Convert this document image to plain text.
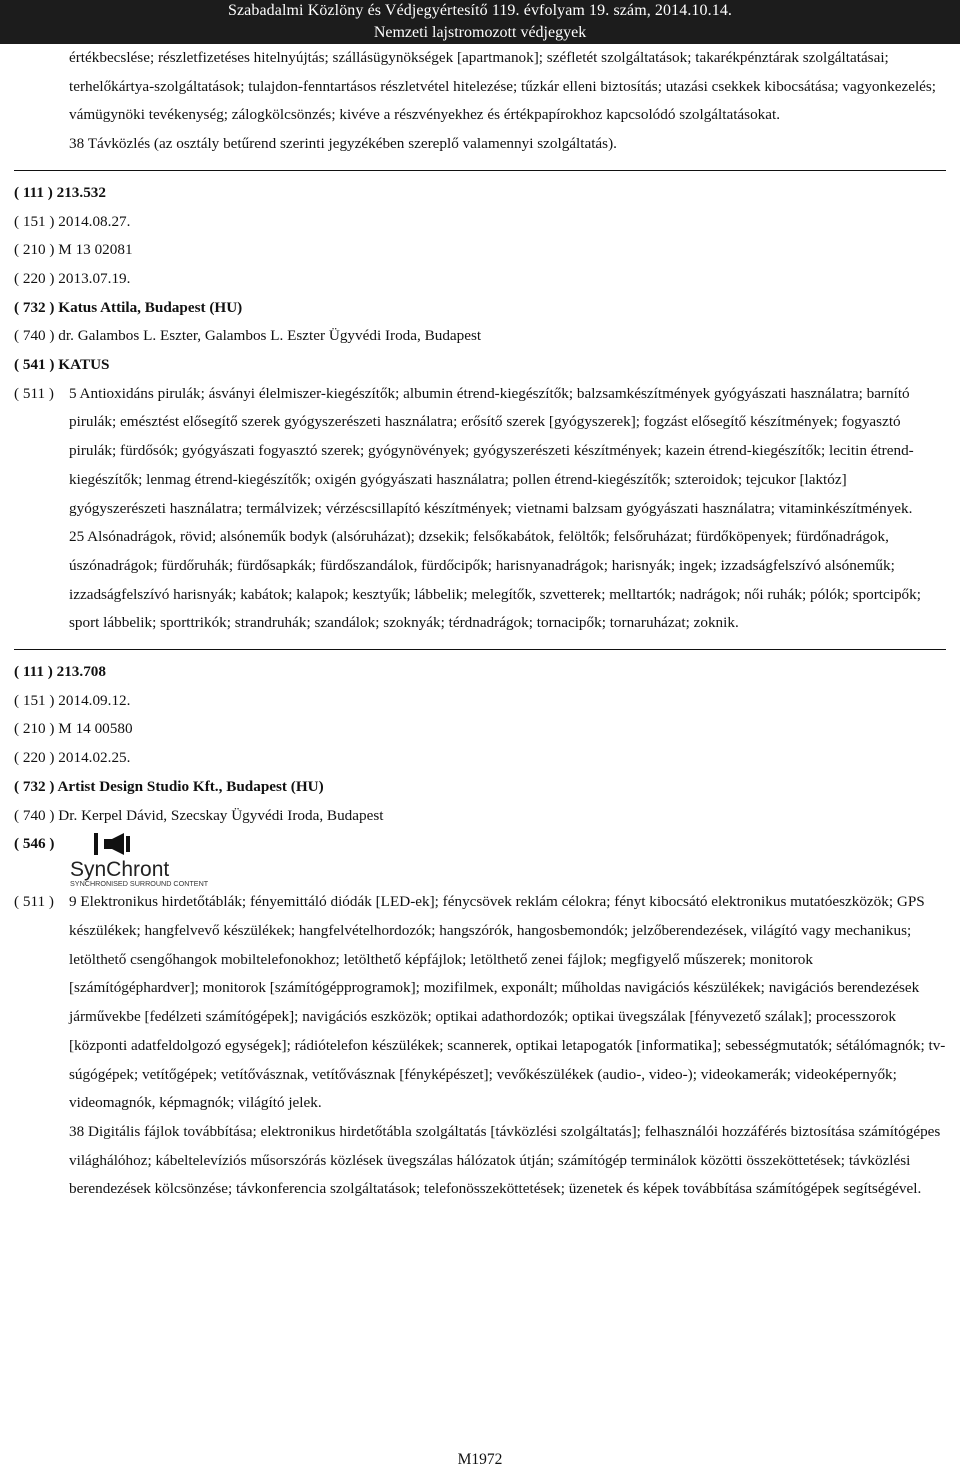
Szabadalmi Közlöny és Védjegyértesítő 119. évfolyam 19. szám, 2014.10.14.
Nemzeti lajstromozott védjegyek

értékbecslése; részletfizetéses hitelnyújtás; szállásügynökségek [apartmanok]; széfletét szolgáltatások; takarékpénztárak szolgáltatásai; terhelőkártya-szolgáltatások; tulajdon-fenntartásos részletvétel hitelezése; tűzkár elleni biztosítás; utazási csekkek kibocsátása; vagyonkezelés; vámügynöki tevékenység; zálogkölcsönzés; kivéve a részvényekhez és értékpapírokhoz kapcsolódó szolgáltatásokat.

38 Távközlés (az osztály betűrend szerinti jegyzékében szereplő valamennyi szolgáltatás).

( 111 ) 213.532
( 151 ) 2014.08.27.
( 210 ) M 13 02081
( 220 ) 2013.07.19.
( 732 ) Katus Attila, Budapest (HU)
( 740 ) dr. Galambos L. Eszter, Galambos L. Eszter Ügyvédi Iroda, Budapest
( 541 ) KATUS
( 511 ) 5 Antioxidáns pirulák; ásványi élelmiszer-kiegészítők; albumin étrend-kiegészítők; balzsamkészítmények gyógyászati használatra; barnító pirulák; emésztést elősegítő szerek gyógyszerészeti használatra; erősítő szerek [gyógyszerek]; fogzást elősegítő készítmények; fogyasztó pirulák; fürdősók; gyógyászati fogyasztó szerek; gyógynövények; gyógyszerészeti készítmények; kazein étrend-kiegészítők; lecitin étrend-kiegészítők; lenmag étrend-kiegészítők; oxigén gyógyászati használatra; pollen étrend-kiegészítők; szteroidok; tejcukor [laktóz] gyógyszerészeti használatra; termálvizek; vérzéscsillapító készítmények; vietnami balzsam gyógyászati használatra; vitaminkészítmények.

25 Alsónadrágok, rövid; alsóneműk bodyk (alsóruházat); dzsekik; felsőkabátok, felöltők; felsőruházat; fürdőköpenyek; fürdőnadrágok, úszónadrágok; fürdőruhák; fürdősapkák; fürdőszandálok, fürdőcipők; harisnyanadrágok; harisnyák; ingek; izzadságfelszívó alsóneműk; izzadságfelszívó harisnyák; kabátok; kalapok; kesztyűk; lábbelik; melegítők, szvetterek; melltartók; nadrágok; női ruhák; pólók; sportcipők; sport lábbelik; sporttrikók; strandruhák; szandálok; szoknyák; térdnadrágok; tornacipők; tornaruházat; zoknik.

( 111 ) 213.708
( 151 ) 2014.09.12.
( 210 ) M 14 00580
( 220 ) 2014.02.25.
( 732 ) Artist Design Studio Kft., Budapest (HU)
( 740 ) Dr. Kerpel Dávid, Szecskay Ügyvédi Iroda, Budapest
( 546 )
SynChront
SYNCHRONISED SURROUND CONTENT
( 511 ) 9 Elektronikus hirdetőtáblák; fényemittáló diódák [LED-ek]; fénycsövek reklám célokra; fényt kibocsátó elektronikus mutatóeszközök; GPS készülékek; hangfelvevő készülékek; hangfelvételhordozók; hangszórók, hangosbemondók; jelzőberendezések, világító vagy mechanikus; letölthető csengőhangok mobiltelefonokhoz; letölthető képfájlok; letölthető zenei fájlok; megfigyelő műszerek; monitorok [számítógéphardver]; monitorok [számítógépprogramok]; mozifilmek, exponált; műholdas navigációs készülékek; navigációs berendezések járművekbe [fedélzeti számítógépek]; navigációs eszközök; optikai adathordozók; optikai üvegszálak [fényvezető szálak]; processzorok [központi adatfeldolgozó egységek]; rádiótelefon készülékek; scannerek, optikai letapogatók [informatika]; sebességmutatók; sétálómagnók; tv-súgógépek; vetítőgépek; vetítővásznak, vetítővásznak [fényképészet]; vevőkészülékek (audio-, video-); videokamerák; videoképernyők; videomagnók, képmagnók; világító jelek.

38 Digitális fájlok továbbítása; elektronikus hirdetőtábla szolgáltatás [távközlési szolgáltatás]; felhasználói hozzáférés biztosítása számítógépes világhálóhoz; kábeltelevíziós műsorszórás közlések üvegszálas hálózatok útján; számítógép terminálok közötti összeköttetések; távközlési berendezések kölcsönzése; távkonferencia szolgáltatások; telefonösszeköttetések; üzenetek és képek továbbítása számítógépek segítségével.

M1972
